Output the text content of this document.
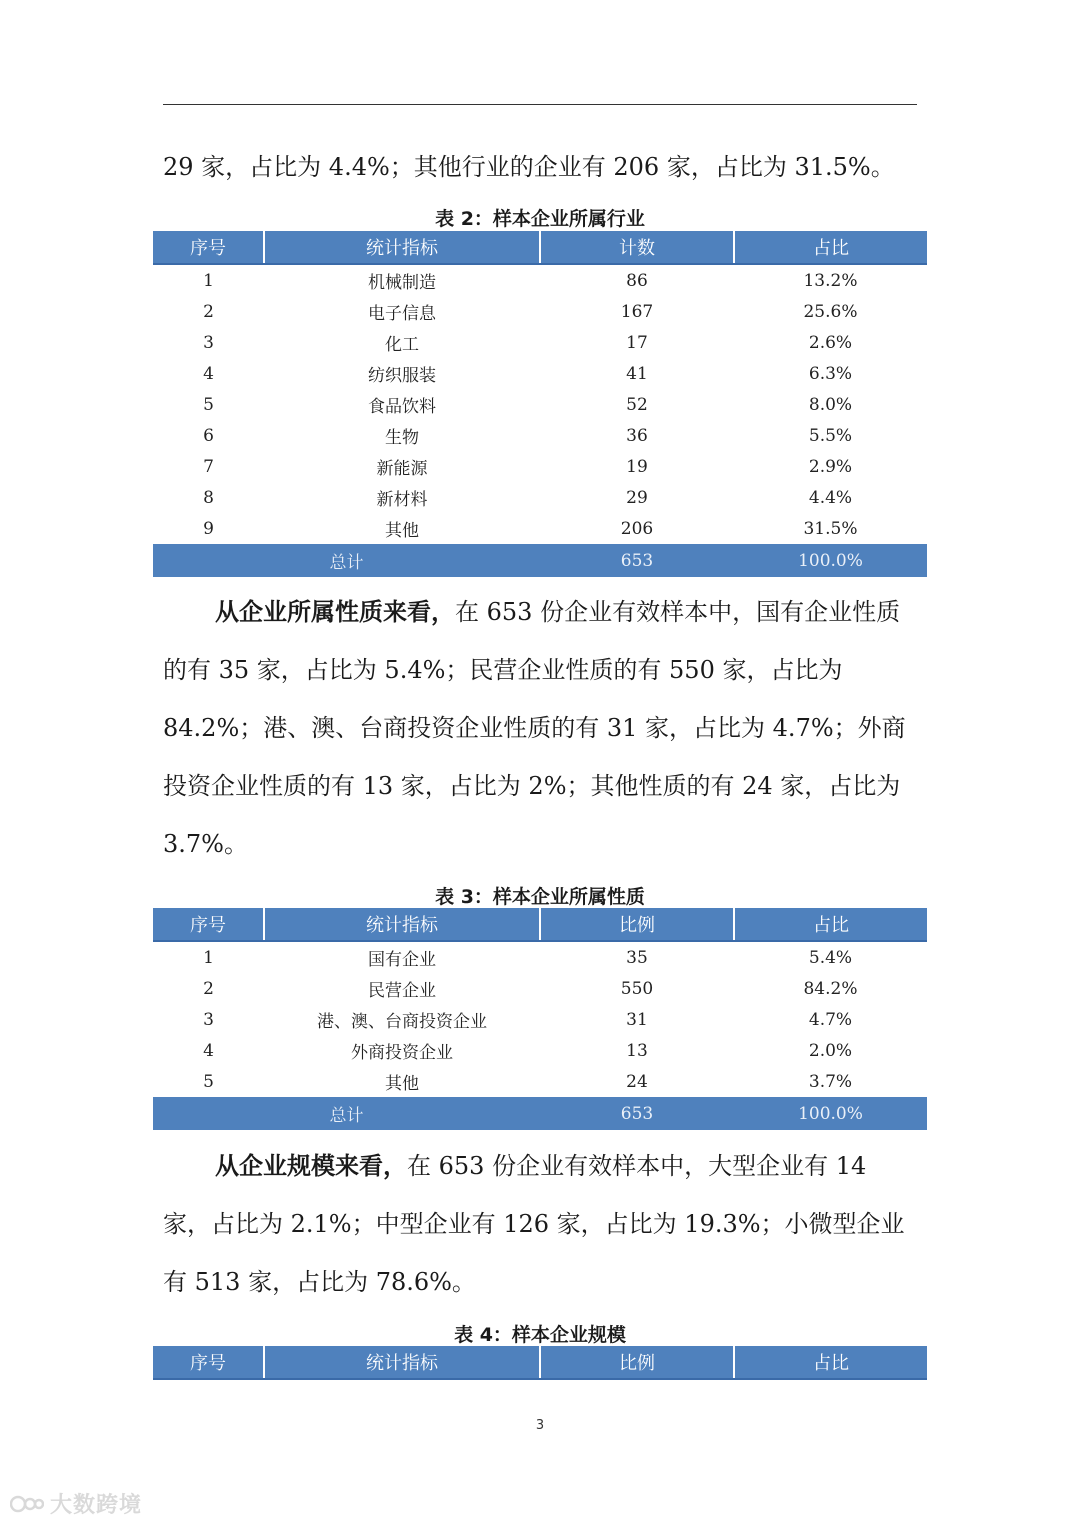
29 家，占比为 4.4%；其他行业的企业有 206 家，占比为 31.5%。

表 2：样本企业所属行业
序号	统计指标	计数	占比
1	机械制造	86	13.2%
2	电子信息	167	25.6%
3	化工	17	2.6%
4	纺织服装	41	6.3%
5	食品饮料	52	8.0%
6	生物	36	5.5%
7	新能源	19	2.9%
8	新材料	29	4.4%
9	其他	206	31.5%
总计		653	100.0%

从企业所属性质来看，在 653 份企业有效样本中，国有企业性质的有 35 家，占比为 5.4%；民营企业性质的有 550 家，占比为 84.2%；港、澳、台商投资企业性质的有 31 家，占比为 4.7%；外商投资企业性质的有 13 家，占比为 2%；其他性质的有 24 家，占比为 3.7%。

表 3：样本企业所属性质
序号	统计指标	比例	占比
1	国有企业	35	5.4%
2	民营企业	550	84.2%
3	港、澳、台商投资企业	31	4.7%
4	外商投资企业	13	2.0%
5	其他	24	3.7%
总计		653	100.0%

从企业规模来看，在 653 份企业有效样本中，大型企业有 14 家，占比为 2.1%；中型企业有 126 家，占比为 19.3%；小微型企业有 513 家，占比为 78.6%。

表 4：样本企业规模
序号	统计指标	比例	占比
3
大数跨境
